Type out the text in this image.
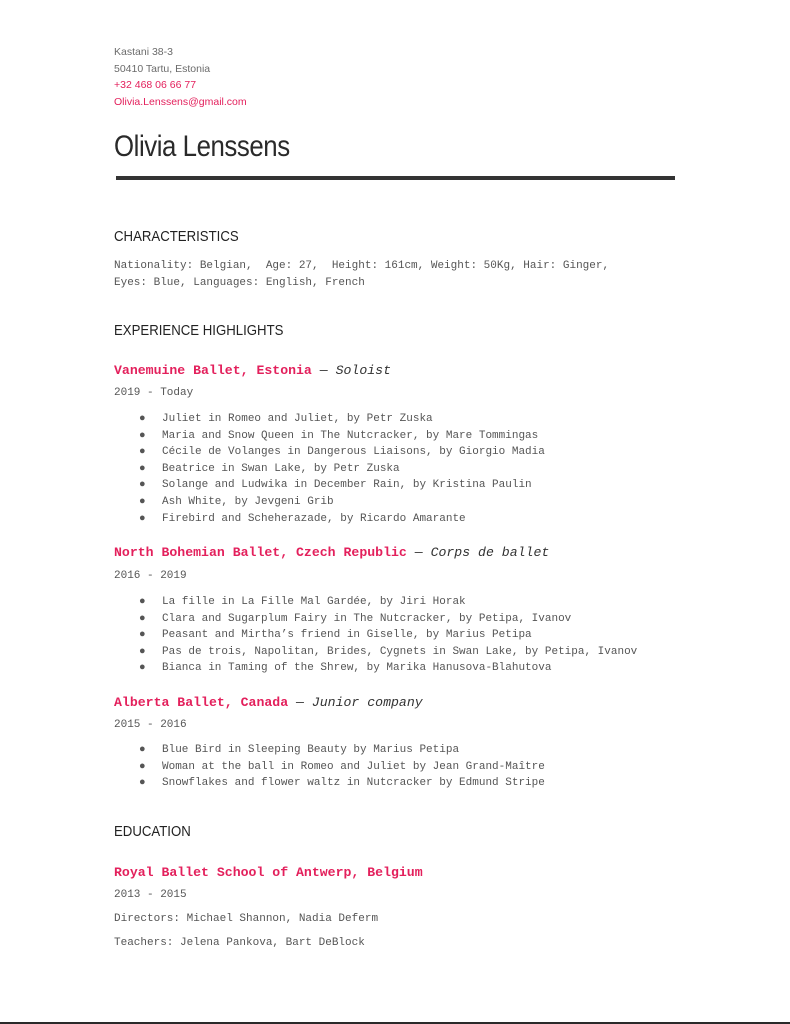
Kastani 38-3
50410 Tartu, Estonia
+32 468 06 66 77
Olivia.Lenssens@gmail.com
Olivia Lenssens
CHARACTERISTICS
Nationality: Belgian,  Age: 27,  Height: 161cm, Weight: 50Kg, Hair: Ginger,
Eyes: Blue, Languages: English, French
EXPERIENCE HIGHLIGHTS
Vanemuine Ballet, Estonia — Soloist
2019 - Today
● Juliet in Romeo and Juliet, by Petr Zuska
● Maria and Snow Queen in The Nutcracker, by Mare Tommingas
● Cécile de Volanges in Dangerous Liaisons, by Giorgio Madia
● Beatrice in Swan Lake, by Petr Zuska
● Solange and Ludwika in December Rain, by Kristina Paulin
● Ash White, by Jevgeni Grib
● Firebird and Scheherazade, by Ricardo Amarante
North Bohemian Ballet, Czech Republic — Corps de ballet
2016 - 2019
● La fille in La Fille Mal Gardée, by Jiri Horak
● Clara and Sugarplum Fairy in The Nutcracker, by Petipa, Ivanov
● Peasant and Mirtha’s friend in Giselle, by Marius Petipa
● Pas de trois, Napolitan, Brides, Cygnets in Swan Lake, by Petipa, Ivanov
● Bianca in Taming of the Shrew, by Marika Hanusova-Blahutova
Alberta Ballet, Canada — Junior company
2015 - 2016
● Blue Bird in Sleeping Beauty by Marius Petipa
● Woman at the ball in Romeo and Juliet by Jean Grand-Maître
● Snowflakes and flower waltz in Nutcracker by Edmund Stripe
EDUCATION
Royal Ballet School of Antwerp, Belgium
2013 - 2015
Directors: Michael Shannon, Nadia Deferm
Teachers: Jelena Pankova, Bart DeBlock
